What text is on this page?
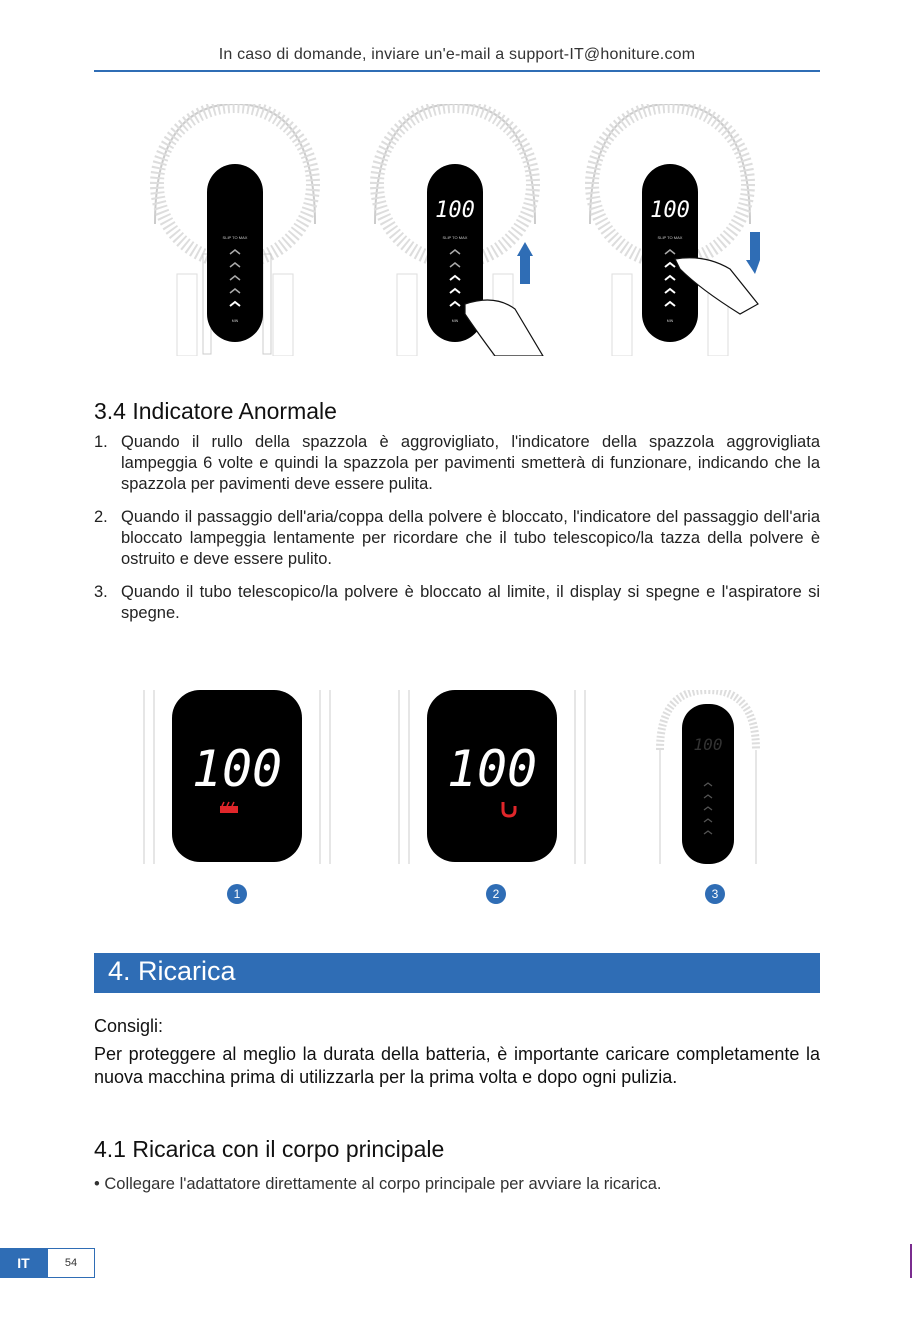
In caso di domande, inviare un'e-mail a support-IT@honiture.com
SLIP TO MAX
MIN
100
SLIP TO MAX
MIN
100
SLIP TO MAX
MIN
3.4 Indicatore Anormale
1. Quando il rullo della spazzola è aggrovigliato, l'indicatore della spazzola aggrovigliata lampeggia 6 volte e quindi la spazzola per pavimenti smetterà di funzionare, indicando che la spazzola per pavimenti deve essere pulita.
2. Quando il passaggio dell'aria/coppa della polvere è bloccato, l'indicatore del passaggio dell'aria bloccato lampeggia lentamente per ricordare che il tubo telescopico/la tazza della polvere è ostruito e deve essere pulito.
3. Quando il tubo telescopico/la polvere è bloccato al limite, il display si spegne e l'aspiratore si spegne.
100
1
100
2
100
3
4. Ricarica
Consigli:
Per proteggere al meglio la durata della batteria, è importante caricare completamente la nuova macchina prima di utilizzarla per la prima volta e dopo ogni pulizia.
4.1 Ricarica con il corpo principale
• Collegare l'adattatore direttamente al corpo principale per avviare la ricarica.
IT	54
